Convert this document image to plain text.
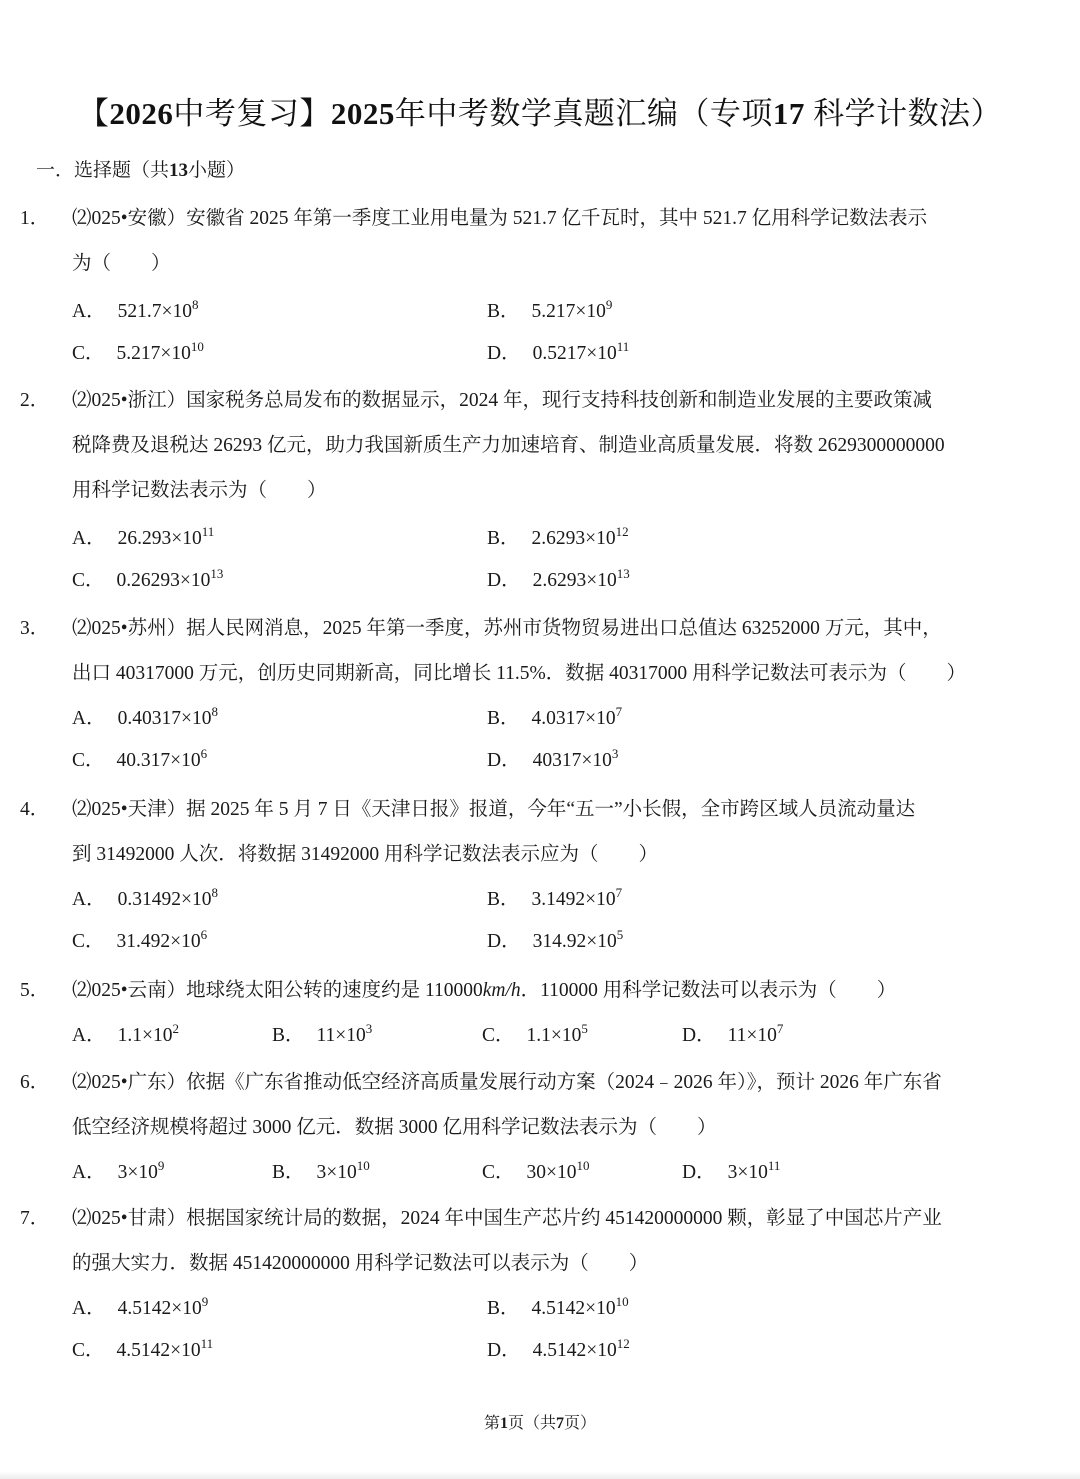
【2026中考复习】2025年中考数学真题汇编（专项17 科学计数法）
一．选择题（共13小题）
1． ⑵025•安徽）安徽省 2025 年第一季度工业用电量为 521.7 亿千瓦时，其中 521.7 亿用科学记数法表示
为（ ）
A． $521.7\times 10^8$	B． $5.217\times 10^9$
C． $5.217\times 10^{10}$	D． $0.5217\times 10^{11}$
2． ⑵025•浙江）国家税务总局发布的数据显示，2024 年，现行支持科技创新和制造业发展的主要政策减
税降费及退税达 26293 亿元，助力我国新质生产力加速培育、制造业高质量发展．将数 2629300000000
用科学记数法表示为（ ）
A． $26.293\times 10^{11}$	B． $2.6293\times 10^{12}$
C． $0.26293\times 10^{13}$	D． $2.6293\times 10^{13}$
3． ⑵025•苏州）据人民网消息，2025 年第一季度，苏州市货物贸易进出口总值达 63252000 万元，其中，
出口 40317000 万元，创历史同期新高，同比增长 11.5%．数据 40317000 用科学记数法可表示为（ ）
A． $0.40317\times 10^8$	B． $4.0317\times 10^7$
C． $40.317\times 10^6$	D． $40317\times 10^3$
4． ⑵025•天津）据 2025 年 5 月 7 日《天津日报》报道，今年“五一”小长假，全市跨区域人员流动量达
到 31492000 人次．将数据 31492000 用科学记数法表示应为（ ）
A． $0.31492\times 10^8$	B． $3.1492\times 10^7$
C． $31.492\times 10^6$	D． $314.92\times 10^5$
5． ⑵025•云南）地球绕太阳公转的速度约是 110000km/h．110000 用科学记数法可以表示为（ ）
A． $1.1\times 10^2$	B． $11\times 10^3$	C． $1.1\times 10^5$	D． $11\times 10^7$
6． ⑵025•广东）依据《广东省推动低空经济高质量发展行动方案（2024﹣2026 年）》，预计 2026 年广东省
低空经济规模将超过 3000 亿元．数据 3000 亿用科学记数法表示为（ ）
A． $3\times 10^9$	B． $3\times 10^{10}$	C． $30\times 10^{10}$	D． $3\times 10^{11}$
7． ⑵025•甘肃）根据国家统计局的数据，2024 年中国生产芯片约 451420000000 颗，彰显了中国芯片产业
的强大实力．数据 451420000000 用科学记数法可以表示为（ ）
A． $4.5142\times 10^9$	B． $4.5142\times 10^{10}$
C． $4.5142\times 10^{11}$	D． $4.5142\times 10^{12}$
第1页（共7页）
